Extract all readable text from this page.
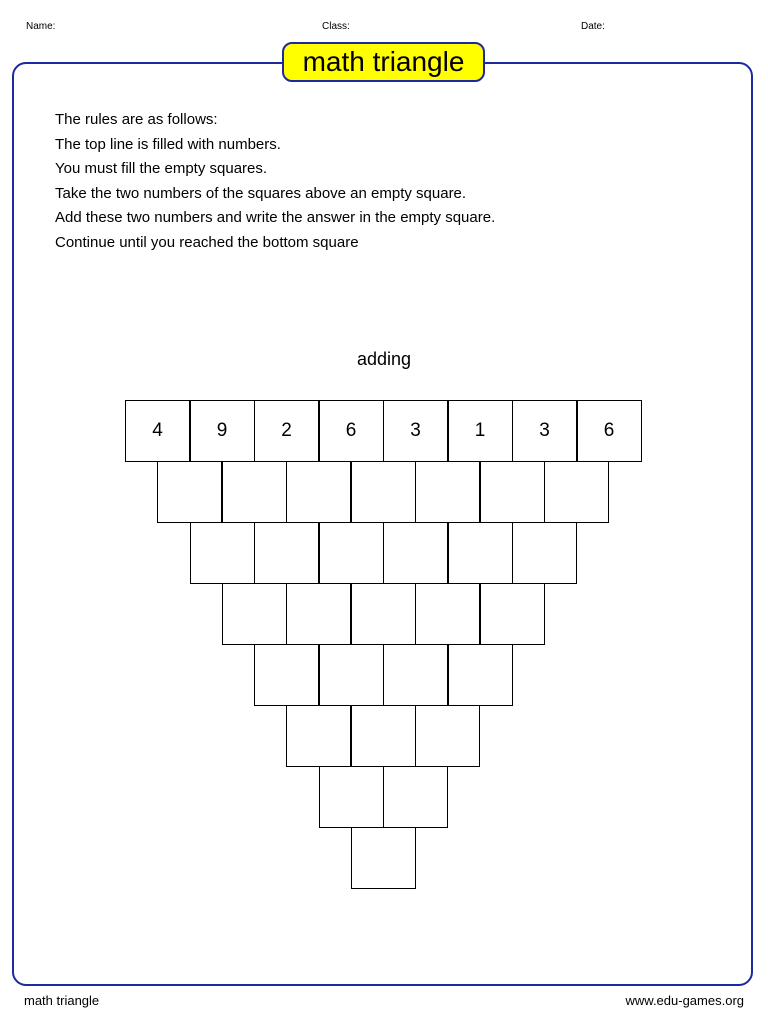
Name:	Class:	Date:
math triangle
The rules are as follows:
The top line is filled with numbers.
You must fill the empty squares.
Take the two numbers of the squares above an empty square.
Add these two numbers and write the answer in the empty square.
Continue until you reached the bottom square
adding
4	9	2	6	3	1	3	6
math triangle	www.edu-games.org
